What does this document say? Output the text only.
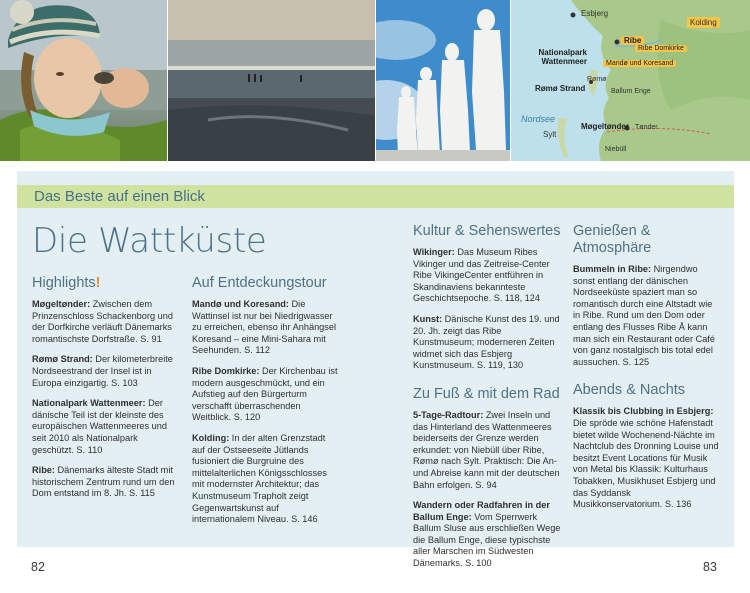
Esbjerg
Kolding
Ribe
Ribe Domkirke
Mandø und Koresand
Nationalpark Wattenmeer
Rømø Strand
Rømø
Ballum Enge
Nordsee
Sylt
Møgeltønder Tønder
Niebüll
Das Beste auf einen Blick
Die Wattküste
Highlights!

Møgeltønder: Zwischen dem Prinzenschloss Schackenborg und der Dorfkirche verläuft Dänemarks romantischste Dorfstraße. S. 91

Rømø Strand: Der kilometerbreite Nordseestrand der Insel ist in Europa einzigartig. S. 103

Nationalpark Wattenmeer: Der dänische Teil ist der kleinste des europäischen Wattenmeeres und seit 2010 als Nationalpark geschützt. S. 110

Ribe: Dänemarks älteste Stadt mit historischem Zentrum rund um den Dom entstand im 8. Jh. S. 115

Auf Entdeckungstour

Mandø und Koresand: Die Wattinsel ist nur bei Niedrigwasser zu erreichen, ebenso ihr Anhängsel Koresand – eine Mini-Sahara mit Seehunden. S. 112

Ribe Domkirke: Der Kirchenbau ist modern ausgeschmückt, und ein Aufstieg auf den Bürgerturm verschafft überraschenden Weitblick. S. 120

Kolding: In der alten Grenzstadt auf der Ostseeseite Jütlands fusioniert die Burgruine des mittelalterlichen Königsschlosses mit modernster Architektur; das Kunstmuseum Trapholt zeigt Gegenwartskunst auf internationalem Niveau. S. 146

Kultur & Sehenswertes

Wikinger: Das Museum Ribes Vikinger und das Zeitreise-Center Ribe VikingeCenter entführen in Skandinaviens bekannteste Geschichtsepoche. S. 118, 124

Kunst: Dänische Kunst des 19. und 20. Jh. zeigt das Ribe Kunstmuseum; moderneren Zeiten widmet sich das Esbjerg Kunstmuseum. S. 119, 130

Zu Fuß & mit dem Rad

5-Tage-Radtour: Zwei Inseln und das Hinterland des Wattenmeeres beiderseits der Grenze werden erkundet: von Niebüll über Ribe, Rømø nach Sylt. Praktisch: Die An- und Abreise kann mit der deutschen Bahn erfolgen. S. 94

Wandern oder Radfahren in der Ballum Enge: Vom Sperrwerk Ballum Sluse aus erschließen Wege die Ballum Enge, diese typischste aller Marschen im Südwesten Dänemarks. S. 100

Genießen & Atmosphäre

Bummeln in Ribe: Nirgendwo sonst entlang der dänischen Nordseeküste spaziert man so romantisch durch eine Altstadt wie in Ribe. Rund um den Dom oder entlang des Flusses Ribe Å kann man sich ein Restaurant oder Café von ganz nostalgisch bis total edel aussuchen. S. 125

Abends & Nachts

Klassik bis Clubbing in Esbjerg: Die spröde wie schöne Hafenstadt bietet wilde Wochenend-Nächte im Nachtclub des Dronning Louise und besitzt Event Locations für Musik von Metal bis Klassik: Kulturhaus Tobakken, Musikhuset Esbjerg und das Syddansk Musikkonservatorium. S. 136

82	83
